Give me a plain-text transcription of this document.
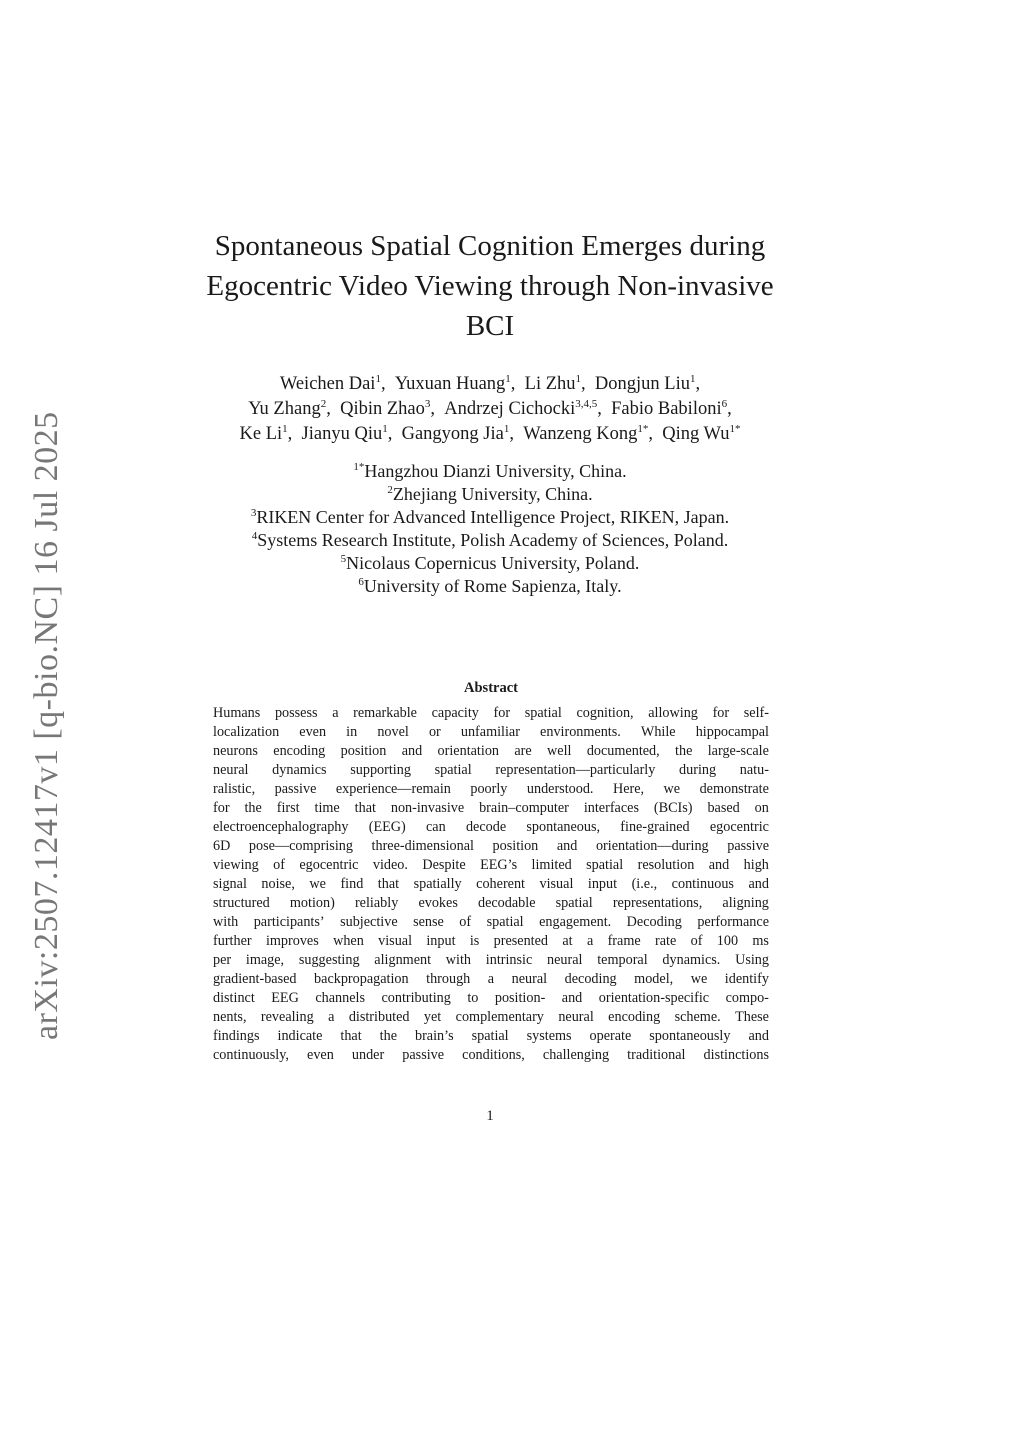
arXiv:2507.12417v1 [q-bio.NC] 16 Jul 2025
Spontaneous Spatial Cognition Emerges during
Egocentric Video Viewing through Non-invasive
BCI
Weichen Dai$^1$,  Yuxuan Huang$^1$,  Li Zhu$^1$,  Dongjun Liu$^1$,
Yu Zhang$^2$,  Qibin Zhao$^3$,  Andrzej Cichocki$^{3,4,5}$,  Fabio Babiloni$^6$,
Ke Li$^1$,  Jianyu Qiu$^1$,  Gangyong Jia$^1$,  Wanzeng Kong$^{1*}$,  Qing $Wu^{1*}$
$^{1*}$Hangzhou Dianzi University, China.
$^2$Zhejiang University, China.
$^3$RIKEN Center for Advanced Intelligence Project, RIKEN, Japan.
$^4$Systems Research Institute, Polish Academy of Sciences, Poland.
$^5$Nicolaus Copernicus University, Poland.
$^6$University of Rome Sapienza, Italy.
Abstract
Humans possess a remarkable capacity for spatial cognition, allowing for self-
localization even in novel or unfamiliar environments. While hippocampal
neurons encoding position and orientation are well documented, the large-scale
neural dynamics supporting spatial representation—particularly during natu-
ralistic, passive experience—remain poorly understood. Here, we demonstrate
for the first time that non-invasive brain–computer interfaces (BCIs) based on
electroencephalography (EEG) can decode spontaneous, fine-grained egocentric
6D pose—comprising three-dimensional position and orientation—during passive
viewing of egocentric video. Despite EEG’s limited spatial resolution and high
signal noise, we find that spatially coherent visual input (i.e., continuous and
structured motion) reliably evokes decodable spatial representations, aligning
with participants’ subjective sense of spatial engagement. Decoding performance
further improves when visual input is presented at a frame rate of 100 ms
per image, suggesting alignment with intrinsic neural temporal dynamics. Using
gradient-based backpropagation through a neural decoding model, we identify
distinct EEG channels contributing to position- and orientation-specific compo-
nents, revealing a distributed yet complementary neural encoding scheme. These
findings indicate that the brain’s spatial systems operate spontaneously and
continuously, even under passive conditions, challenging traditional distinctions
1
